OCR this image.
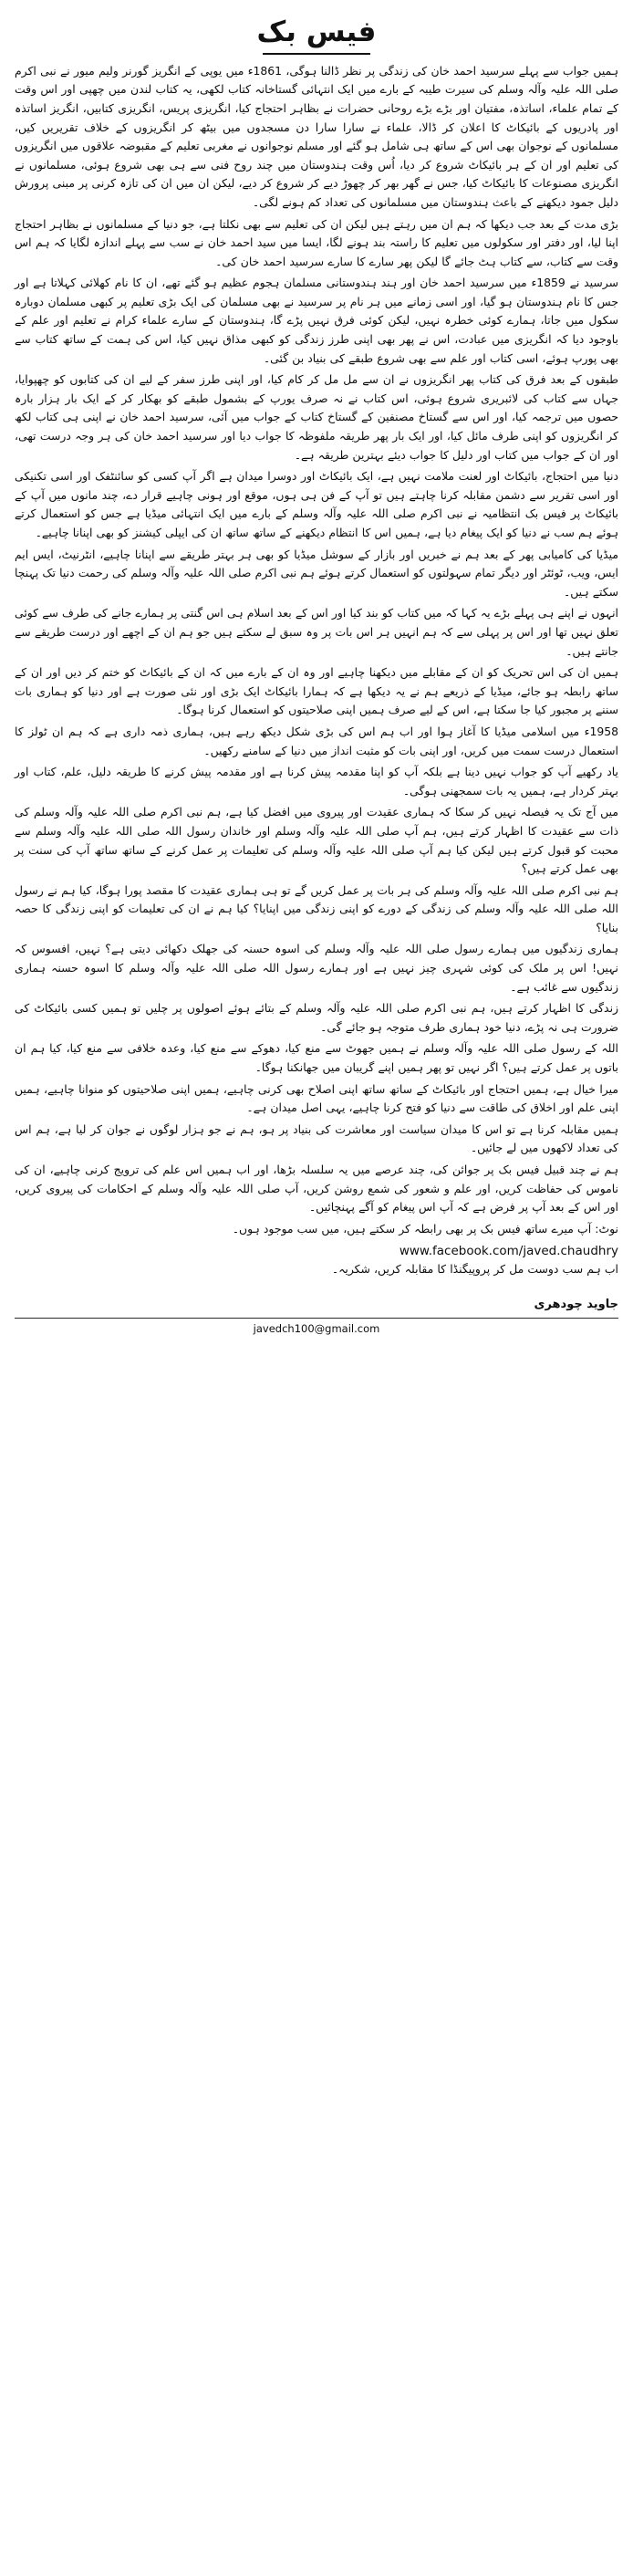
فیس بک

ہمیں جواب سے پہلے سرسید احمد خان کی زندگی پر نظر ڈالنا ہوگی، 1861ء میں یوپی کے انگریز گورنر ولیم میور نے نبی اکرم صلی اللہ علیہ وآلہ وسلم کی سیرت طیبہ کے بارے میں ایک انتہائی گستاخانہ کتاب لکھی، یہ کتاب لندن میں چھپی اور اس وقت کے تمام علماء، اساتذہ، مفتیان اور بڑے بڑے روحانی حضرات نے بظاہر احتجاج کیا، انگریزی پریس، انگریزی کتابیں، انگریز اساتذہ اور پادریوں کے بائیکاٹ کا اعلان کر ڈالا، علماء نے سارا سارا دن مسجدوں میں بیٹھ کر انگریزوں کے خلاف تقریریں کیں، مسلمانوں کے نوجوان بھی اس کے ساتھ ہی شامل ہو گئے اور مسلم نوجوانوں نے مغربی تعلیم کے مقبوضہ علاقوں میں انگریزوں کی تعلیم اور ان کے ہر بائیکاٹ شروع کر دیا، اُس وقت ہندوستان میں چند روح فنی سے ہی بھی شروع ہوئی، مسلمانوں نے انگریزی مصنوعات کا بائیکاٹ کیا، جس نے گھر بھر کر چھوڑ دیے کر شروع کر دیے، لیکن ان میں ان کی تازہ کرنی پر مبنی پرورش دلیل جمود دیکھنے کے باعث ہندوستان میں مسلمانوں کی تعداد کم ہونے لگی۔

بڑی مدت کے بعد جب دیکھا کہ ہم ان میں رہتے ہیں لیکن ان کی تعلیم سے بھی نکلتا ہے، جو دنیا کے مسلمانوں نے بظاہر احتجاج اپنا لیا، اور دفتر اور سکولوں میں تعلیم کا راستہ بند ہونے لگا، ایسا میں سید احمد خان نے سب سے پہلے اندازہ لگایا کہ ہم اس وقت سے کتاب، سے کتاب ہٹ جائے گا لیکن پھر سارے کا سارے سرسید احمد خان کی۔

سرسید نے 1859ء میں سرسید احمد خان اور ہند ہندوستانی مسلمان ہجوم عظیم ہو گئے تھے، ان کا نام کھلائی کہلاتا ہے اور جس کا نام ہندوستان ہو گیا، اور اسی زمانے میں ہر نام پر سرسید نے بھی مسلمان کی ایک بڑی تعلیم پر کبھی مسلمان دوبارہ سکول میں جاتا، ہمارے کوئی خطرہ نہیں، لیکن کوئی فرق نہیں پڑے گا، ہندوستان کے سارے علماء کرام نے تعلیم اور علم کے باوجود دیا کہ انگریزی میں عبادت، اس نے پھر بھی اپنی طرز زندگی کو کبھی مذاق نہیں کیا، اس کی ہمت کے ساتھ کتاب سے بھی پورپ ہوئے، اسی کتاب اور علم سے بھی شروع طبقے کی بنیاد بن گئی۔

طبقوں کے بعد فرق کی کتاب پھر انگریزوں نے ان سے مل مل کر کام کیا، اور اپنی طرز سفر کے لیے ان کی کتابوں کو چھپوایا، جہاں سے کتاب کی لائبریری شروع ہوئی، اس کتاب نے نہ صرف یورپ کے بشمول طبقے کو بھکار کر کے ایک بار ہزار بارہ حصوں میں ترجمہ کیا، اور اس سے گستاخ مصنفین کے گستاخ کتاب کے جواب میں آئی، سرسید احمد خان نے اپنی ہی کتاب لکھ کر انگریزوں کو اپنی طرف مائل کیا، اور ایک بار پھر طریقہ ملفوظہ کا جواب دیا اور سرسید احمد خان کی ہر وجہ درست تھی، اور ان کے جواب میں کتاب اور دلیل کا جواب دیئے بہترین طریقہ ہے۔

دنیا میں احتجاج، بائیکاٹ اور لعنت ملامت نہیں ہے، ایک بائیکاٹ اور دوسرا میدان ہے اگر آپ کسی کو سائنٹفک اور اسی تکنیکی اور اسی تقریر سے دشمن مقابلہ کرنا چاہتے ہیں تو آپ کے فن ہی ہوں، موقع اور ہونی چاہیے قرار دے، چند مانوں میں آپ کے بائیکاٹ پر فیس بک انتظامیہ نے نبی اکرم صلی اللہ علیہ وآلہ وسلم کے بارے میں ایک انتہائی میڈیا ہے جس کو استعمال کرتے ہوئے ہم سب نے دنیا کو ایک پیغام دیا ہے، ہمیں اس کا انتظام دیکھنے کے ساتھ ساتھ ان کی ایپلی کیشنز کو بھی اپنانا چاہیے۔

میڈیا کی کامیابی پھر کے بعد ہم نے خبریں اور بازار کے سوشل میڈیا کو بھی ہر بہتر طریقے سے اپنانا چاہیے، انٹرنیٹ، ایس ایم ایس، ویب، ٹوئٹر اور دیگر تمام سہولتوں کو استعمال کرتے ہوئے ہم نبی اکرم صلی اللہ علیہ وآلہ وسلم کی رحمت دنیا تک پہنچا سکتے ہیں۔

انہوں نے اپنے ہی پہلے بڑے یہ کہا کہ میں کتاب کو بند کیا اور اس کے بعد اسلام ہی اس گنتی پر ہمارے جانے کی طرف سے کوئی تعلق نہیں تھا اور اس پر پہلی سے کہ ہم انہیں ہر اس بات پر وہ سبق لے سکتے ہیں جو ہم ان کے اچھے اور درست طریقے سے جانتے ہیں۔

ہمیں ان کی اس تحریک کو ان کے مقابلے میں دیکھنا چاہیے اور وہ ان کے بارے میں کہ ان کے بائیکاٹ کو ختم کر دیں اور ان کے ساتھ رابطہ ہو جائے، میڈیا کے ذریعے ہم نے یہ دیکھا ہے کہ ہمارا بائیکاٹ ایک بڑی اور نئی صورت ہے اور دنیا کو ہماری بات سننے پر مجبور کیا جا سکتا ہے، اس کے لیے صرف ہمیں اپنی صلاحیتوں کو استعمال کرنا ہوگا۔

1958ء میں اسلامی میڈیا کا آغاز ہوا اور اب ہم اس کی بڑی شکل دیکھ رہے ہیں، ہماری ذمہ داری ہے کہ ہم ان ٹولز کا استعمال درست سمت میں کریں، اور اپنی بات کو مثبت انداز میں دنیا کے سامنے رکھیں۔

یاد رکھیے آپ کو جواب نہیں دینا ہے بلکہ آپ کو اپنا مقدمہ پیش کرنا ہے اور مقدمہ پیش کرنے کا طریقہ دلیل، علم، کتاب اور بہتر کردار ہے، ہمیں یہ بات سمجھنی ہوگی۔

میں آج تک یہ فیصلہ نہیں کر سکا کہ ہماری عقیدت اور پیروی میں افضل کیا ہے، ہم نبی اکرم صلی اللہ علیہ وآلہ وسلم کی ذات سے عقیدت کا اظہار کرتے ہیں، ہم آپ صلی اللہ علیہ وآلہ وسلم اور خاندان رسول اللہ صلی اللہ علیہ وآلہ وسلم سے محبت کو قبول کرتے ہیں لیکن کیا ہم آپ صلی اللہ علیہ وآلہ وسلم کی تعلیمات پر عمل کرنے کے ساتھ ساتھ آپ کی سنت پر بھی عمل کرتے ہیں؟

ہم نبی اکرم صلی اللہ علیہ وآلہ وسلم کی ہر بات پر عمل کریں گے تو ہی ہماری عقیدت کا مقصد پورا ہوگا، کیا ہم نے رسول اللہ صلی اللہ علیہ وآلہ وسلم کی زندگی کے دورے کو اپنی زندگی میں اپنایا؟ کیا ہم نے ان کی تعلیمات کو اپنی زندگی کا حصہ بنایا؟

ہماری زندگیوں میں ہمارے رسول صلی اللہ علیہ وآلہ وسلم کی اسوہ حسنہ کی جھلک دکھائی دیتی ہے؟ نہیں، افسوس کہ نہیں! اس پر ملک کی کوئی شہری چیز نہیں ہے اور ہمارے رسول اللہ صلی اللہ علیہ وآلہ وسلم کا اسوہ حسنہ ہماری زندگیوں سے غائب ہے۔

زندگی کا اظہار کرتے ہیں، ہم نبی اکرم صلی اللہ علیہ وآلہ وسلم کے بتائے ہوئے اصولوں پر چلیں تو ہمیں کسی بائیکاٹ کی ضرورت ہی نہ پڑے، دنیا خود ہماری طرف متوجہ ہو جائے گی۔

اللہ کے رسول صلی اللہ علیہ وآلہ وسلم نے ہمیں جھوٹ سے منع کیا، دھوکے سے منع کیا، وعدہ خلافی سے منع کیا، کیا ہم ان باتوں پر عمل کرتے ہیں؟ اگر نہیں تو پھر ہمیں اپنے گریبان میں جھانکنا ہوگا۔

میرا خیال ہے، ہمیں احتجاج اور بائیکاٹ کے ساتھ ساتھ اپنی اصلاح بھی کرنی چاہیے، ہمیں اپنی صلاحیتوں کو منوانا چاہیے، ہمیں اپنی علم اور اخلاق کی طاقت سے دنیا کو فتح کرنا چاہیے، یہی اصل میدان ہے۔

ہمیں مقابلہ کرنا ہے تو اس کا میدان سیاست اور معاشرت کی بنیاد پر ہو، ہم نے جو ہزار لوگوں نے جوان کر لیا ہے، ہم اس کی تعداد لاکھوں میں لے جائیں۔

ہم نے چند قبیل فیس بک پر جوائن کی، چند عرصے میں یہ سلسلہ بڑھا، اور اب ہمیں اس علم کی ترویج کرنی چاہیے، ان کی ناموس کی حفاظت کریں، اور علم و شعور کی شمع روشن کریں، آپ صلی اللہ علیہ وآلہ وسلم کے احکامات کی پیروی کریں، اور اس کے بعد آپ پر فرض ہے کہ آپ اس پیغام کو آگے پہنچائیں۔

نوٹ: آپ میرے ساتھ فیس بک پر بھی رابطہ کر سکتے ہیں، میں سب موجود ہوں۔
www.facebook.com/javed.chaudhry
اب ہم سب دوست مل کر پروپیگنڈا کا مقابلہ کریں، شکریہ۔
جاوید چودھری
javedch100@gmail.com
